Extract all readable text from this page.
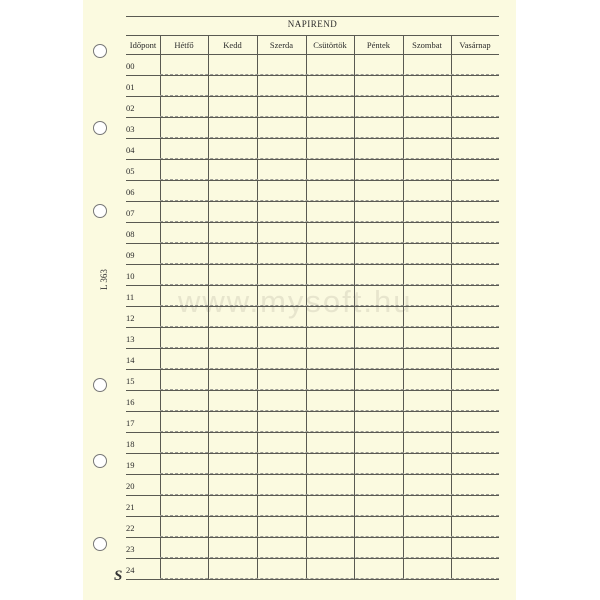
L 363
www.mysoft.hu
S
NAPIREND
Időpont	Hétfő	Kedd	Szerda	Csütörtök	Péntek	Szombat	Vasárnap
00
01
02
03
04
05
06
07
08
09
10
11
12
13
14
15
16
17
18
19
20
21
22
23
24
